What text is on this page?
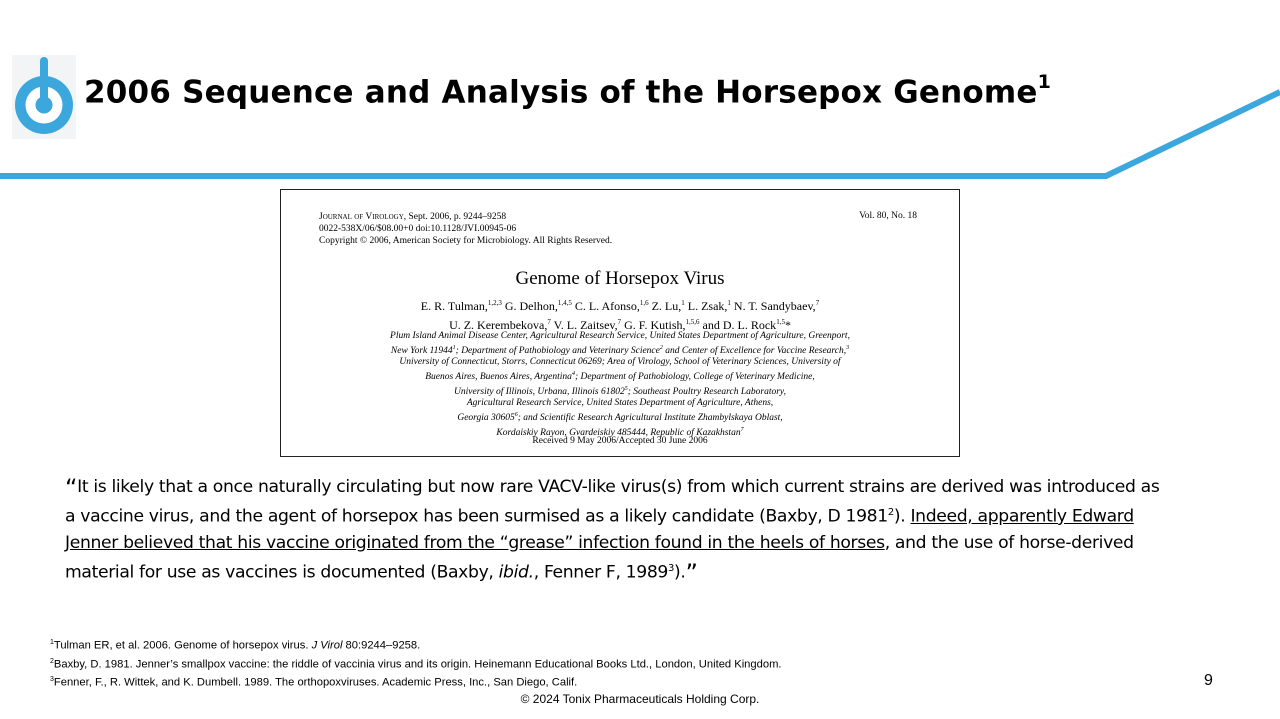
2006 Sequence and Analysis of the Horsepox Genome$^1$
Journal of Virology, Sept. 2006, p. 9244–9258
0022-538X/06/$08.00+0 doi:10.1128/JVI.00945-06
Copyright © 2006, American Society for Microbiology. All Rights Reserved.
Vol. 80, No. 18
Genome of Horsepox Virus
E. R. Tulman,$^{1,2,3}$ G. Delhon,$^{1,4,5}$ C. L. Afonso,$^{1,6}$ Z. Lu,$^1$ L. Zsak,$^1$ N. T. Sandybaev,$^7$
U. Z. Kerembekova,$^7$ V. L. Zaitsev,$^7$ G. F. Kutish,$^{1,5,6}$ and D. L. Rock$^{1,5}$*
Plum Island Animal Disease Center, Agricultural Research Service, United States Department of Agriculture, Greenport,
New York 11944$^1$; Department of Pathobiology and Veterinary Science$^2$ and Center of Excellence for Vaccine Research,$^3$
University of Connecticut, Storrs, Connecticut 06269; Area of Virology, School of Veterinary Sciences, University of
Buenos Aires, Buenos Aires, Argentina$^4$; Department of Pathobiology, College of Veterinary Medicine,
University of Illinois, Urbana, Illinois 61802$^5$; Southeast Poultry Research Laboratory,
Agricultural Research Service, United States Department of Agriculture, Athens,
Georgia 30605$^6$; and Scientific Research Agricultural Institute Zhambylskaya Oblast,
Kordaiskiy Rayon, Gvardeiskiy 485444, Republic of Kazakhstan$^7$
Received 9 May 2006/Accepted 30 June 2006

“It is likely that a once naturally circulating but now rare VACV-like virus(s) from which current strains are derived was introduced as a vaccine virus, and the agent of horsepox has been surmised as a likely candidate (Baxby, D 1981$^2$). Indeed, apparently Edward Jenner believed that his vaccine originated from the “grease” infection found in the heels of horses, and the use of horse-derived material for use as vaccines is documented (Baxby, ibid., Fenner F, 1989$^3$).”

$^1$Tulman ER, et al. 2006. Genome of horsepox virus. J Virol 80:9244–9258.
$^2$Baxby, D. 1981. Jenner’s smallpox vaccine: the riddle of vaccinia virus and its origin. Heinemann Educational Books Ltd., London, United Kingdom.
$^3$Fenner, F., R. Wittek, and K. Dumbell. 1989. The orthopoxviruses. Academic Press, Inc., San Diego, Calif.	9
© 2024 Tonix Pharmaceuticals Holding Corp.
